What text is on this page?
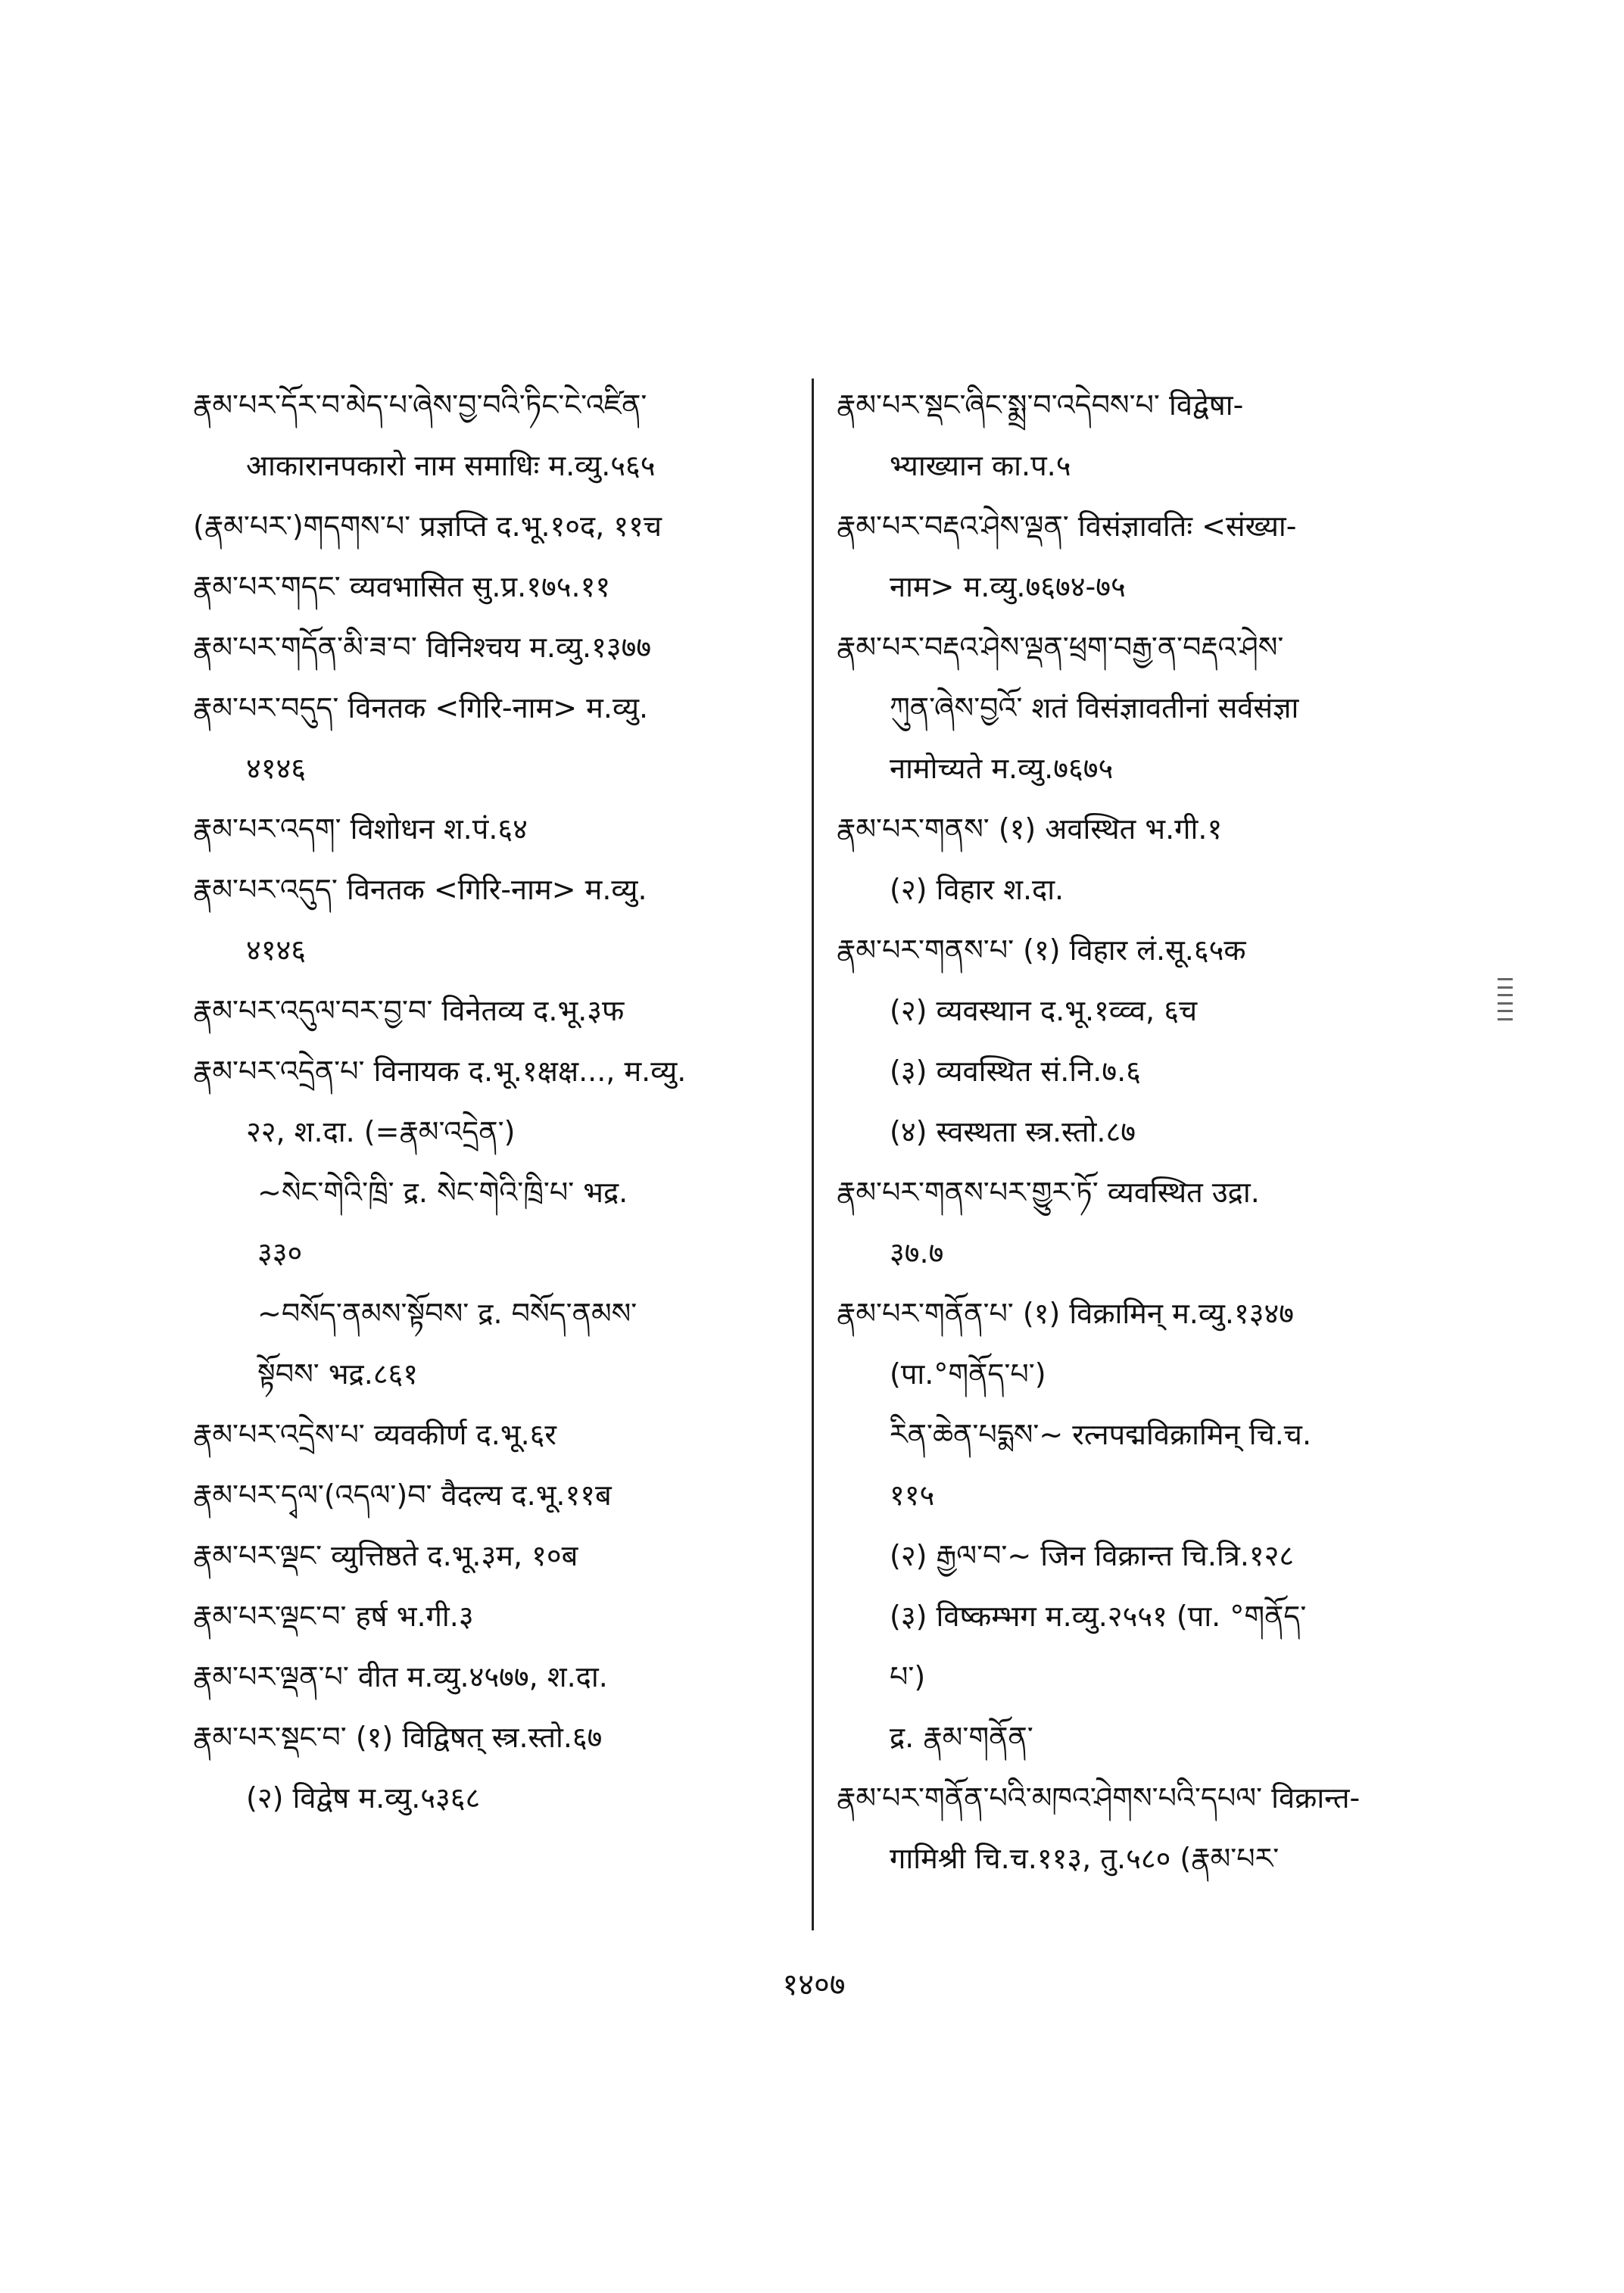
རྣམ་པར་དོར་བ་མེད་པ་ཞེས་བྱ་བའི་ཏིང་ངེ་འཛིན་
आकारानपकारो नाम समाधिः म.व्यु.५६५
(རྣམ་པར་)གདགས་པ་ प्रज्ञप्ति द.भू.१०द, ११च
རྣམ་པར་གདང་ व्यवभासित सु.प्र.१७५.११
རྣམ་པར་གདོན་མི་ཟ་བ་ विनिश्चय म.व्यु.१३७७
རྣམ་པར་བདུད་ विनतक <गिरि-नाम> म.व्यु.
४१४६
རྣམ་པར་འདག་ विशोधन श.पं.६४
རྣམ་པར་འདུད་ विनतक <गिरि-नाम> म.व्यु.
४१४६
རྣམ་པར་འདུལ་བར་བྱ་བ་ विनेतव्य द.भू.३फ
རྣམ་པར་འདྲེན་པ་ विनायक द.भू.१क्षक्ष..., म.व्यु.
२२, श.दा. (=རྣམ་འདྲེན་)
~སེང་གེའི་ཁྲི་ द्र. སེང་གེའི་ཁྲི་པ་ भद्र.
३३०
~བསོད་ནམས་སྟོབས་ द्र. བསོད་ནམས་
སྟོབས་ भद्र.८६१
རྣམ་པར་འདྲེས་པ་ व्यवकीर्ण द.भू.६र
རྣམ་པར་དྭལ་(འདལ་)བ་ वैदल्य द.भू.११ब
རྣམ་པར་ལྡང་ व्युत्तिष्ठते द.भू.३म, १०ब
རྣམ་པར་ལྡང་བ་ हर्ष भ.गी.३
རྣམ་པར་ལྡན་པ་ वीत म.व्यु.४५७७, श.दा.
རྣམ་པར་སྡང་བ་ (१) विद्विषत् स्त्र.स्तो.६७
(२) विद्वेष म.व्यु.५३६८
རྣམ་པར་སྡང་ཞིང་སྨྲ་བ་འདེབས་པ་ विद्वेषा-
भ्याख्यान का.प.५
རྣམ་པར་བརྡའ་ཤེས་ལྡན་ विसंज्ञावतिः <संख्या-
नाम> म.व्यु.७६७४-७५
རྣམ་པར་བརྡའ་ཤེས་ལྡན་ཕྲག་བརྒྱ་ན་བརྡའ་ཤེས་
ཀུན་ཞེས་བྱའོ་ शतं विसंज्ञावतीनां सर्वसंज्ञा
नामोच्यते म.व्यु.७६७५
རྣམ་པར་གནས་ (१) अवस्थित भ.गी.१
(२) विहार श.दा.
རྣམ་པར་གནས་པ་ (१) विहार लं.सू.६५क
(२) व्यवस्थान द.भू.१व्व्व, ६च
(३) व्यवस्थित सं.नि.७.६
(४) स्वस्थता स्त्र.स्तो.८७
རྣམ་པར་གནས་པར་གྱུར་ཏོ་ व्यवस्थित उद्रा.
३७.७
རྣམ་པར་གནོན་པ་ (१) विक्रामिन् म.व्यु.१३४७
(पा.°གནོད་པ་)
རིན་ཆེན་པདྨས་~ रत्नपद्मविक्रामिन् चि.च.
११५
(२) རྒྱལ་བ་~ जिन विक्रान्त चि.त्रि.१२८
(३) विष्कम्भग म.व्यु.२५५१ (पा. °གནོད་
པ་)
द्र. རྣམ་གནོན་
རྣམ་པར་གནོན་པའི་མཁའ་ཤེགས་པའི་དཔལ་ विक्रान्त-
गामिश्री चि.च.११३, तु.५८० (རྣམ་པར་
१४०७
